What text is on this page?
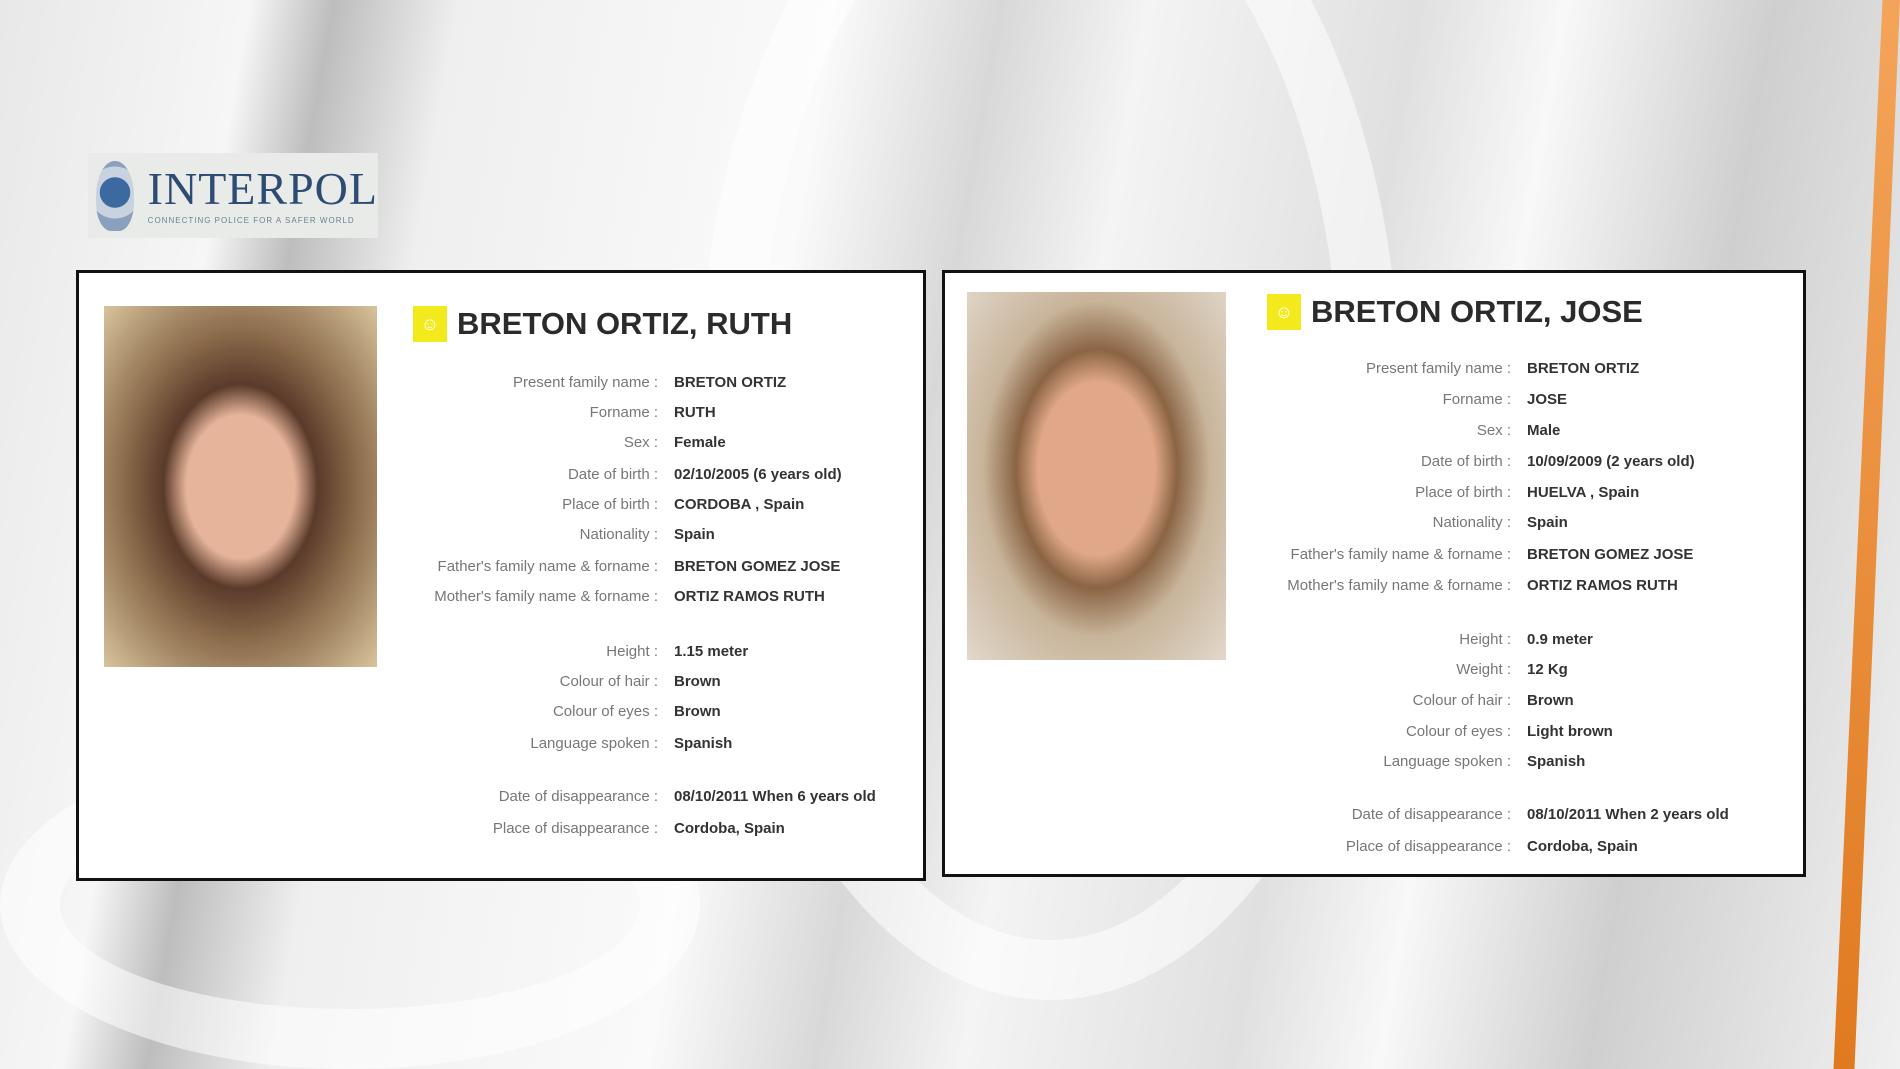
INTERPOL
CONNECTING POLICE FOR A SAFER WORLD
☺ BRETON ORTIZ, RUTH
Present family name : BRETON ORTIZ
Forname : RUTH
Sex : Female
Date of birth : 02/10/2005 (6 years old)
Place of birth : CORDOBA , Spain
Nationality : Spain
Father's family name & forname : BRETON GOMEZ JOSE
Mother's family name & forname : ORTIZ RAMOS RUTH
Height : 1.15 meter
Colour of hair : Brown
Colour of eyes : Brown
Language spoken : Spanish
Date of disappearance : 08/10/2011 When 6 years old
Place of disappearance : Cordoba, Spain
☺ BRETON ORTIZ, JOSE
Present family name : BRETON ORTIZ
Forname : JOSE
Sex : Male
Date of birth : 10/09/2009 (2 years old)
Place of birth : HUELVA , Spain
Nationality : Spain
Father's family name & forname : BRETON GOMEZ JOSE
Mother's family name & forname : ORTIZ RAMOS RUTH
Height : 0.9 meter
Weight : 12 Kg
Colour of hair : Brown
Colour of eyes : Light brown
Language spoken : Spanish
Date of disappearance : 08/10/2011 When 2 years old
Place of disappearance : Cordoba, Spain
